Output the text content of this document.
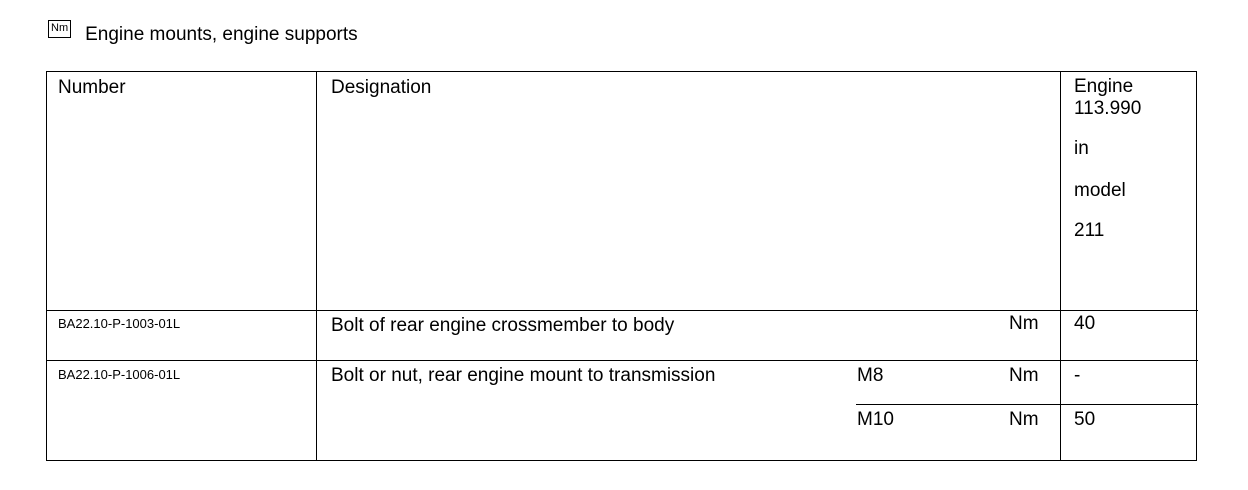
Nm Engine mounts, engine supports
Number	Designation	Engine
113.990
in
model
211
BA22.10-P-1003-01L	Bolt of rear engine crossmember to body	Nm 40
BA22.10-P-1006-01L	Bolt or nut, rear engine mount to transmission	M8	Nm -
M10	Nm 50
